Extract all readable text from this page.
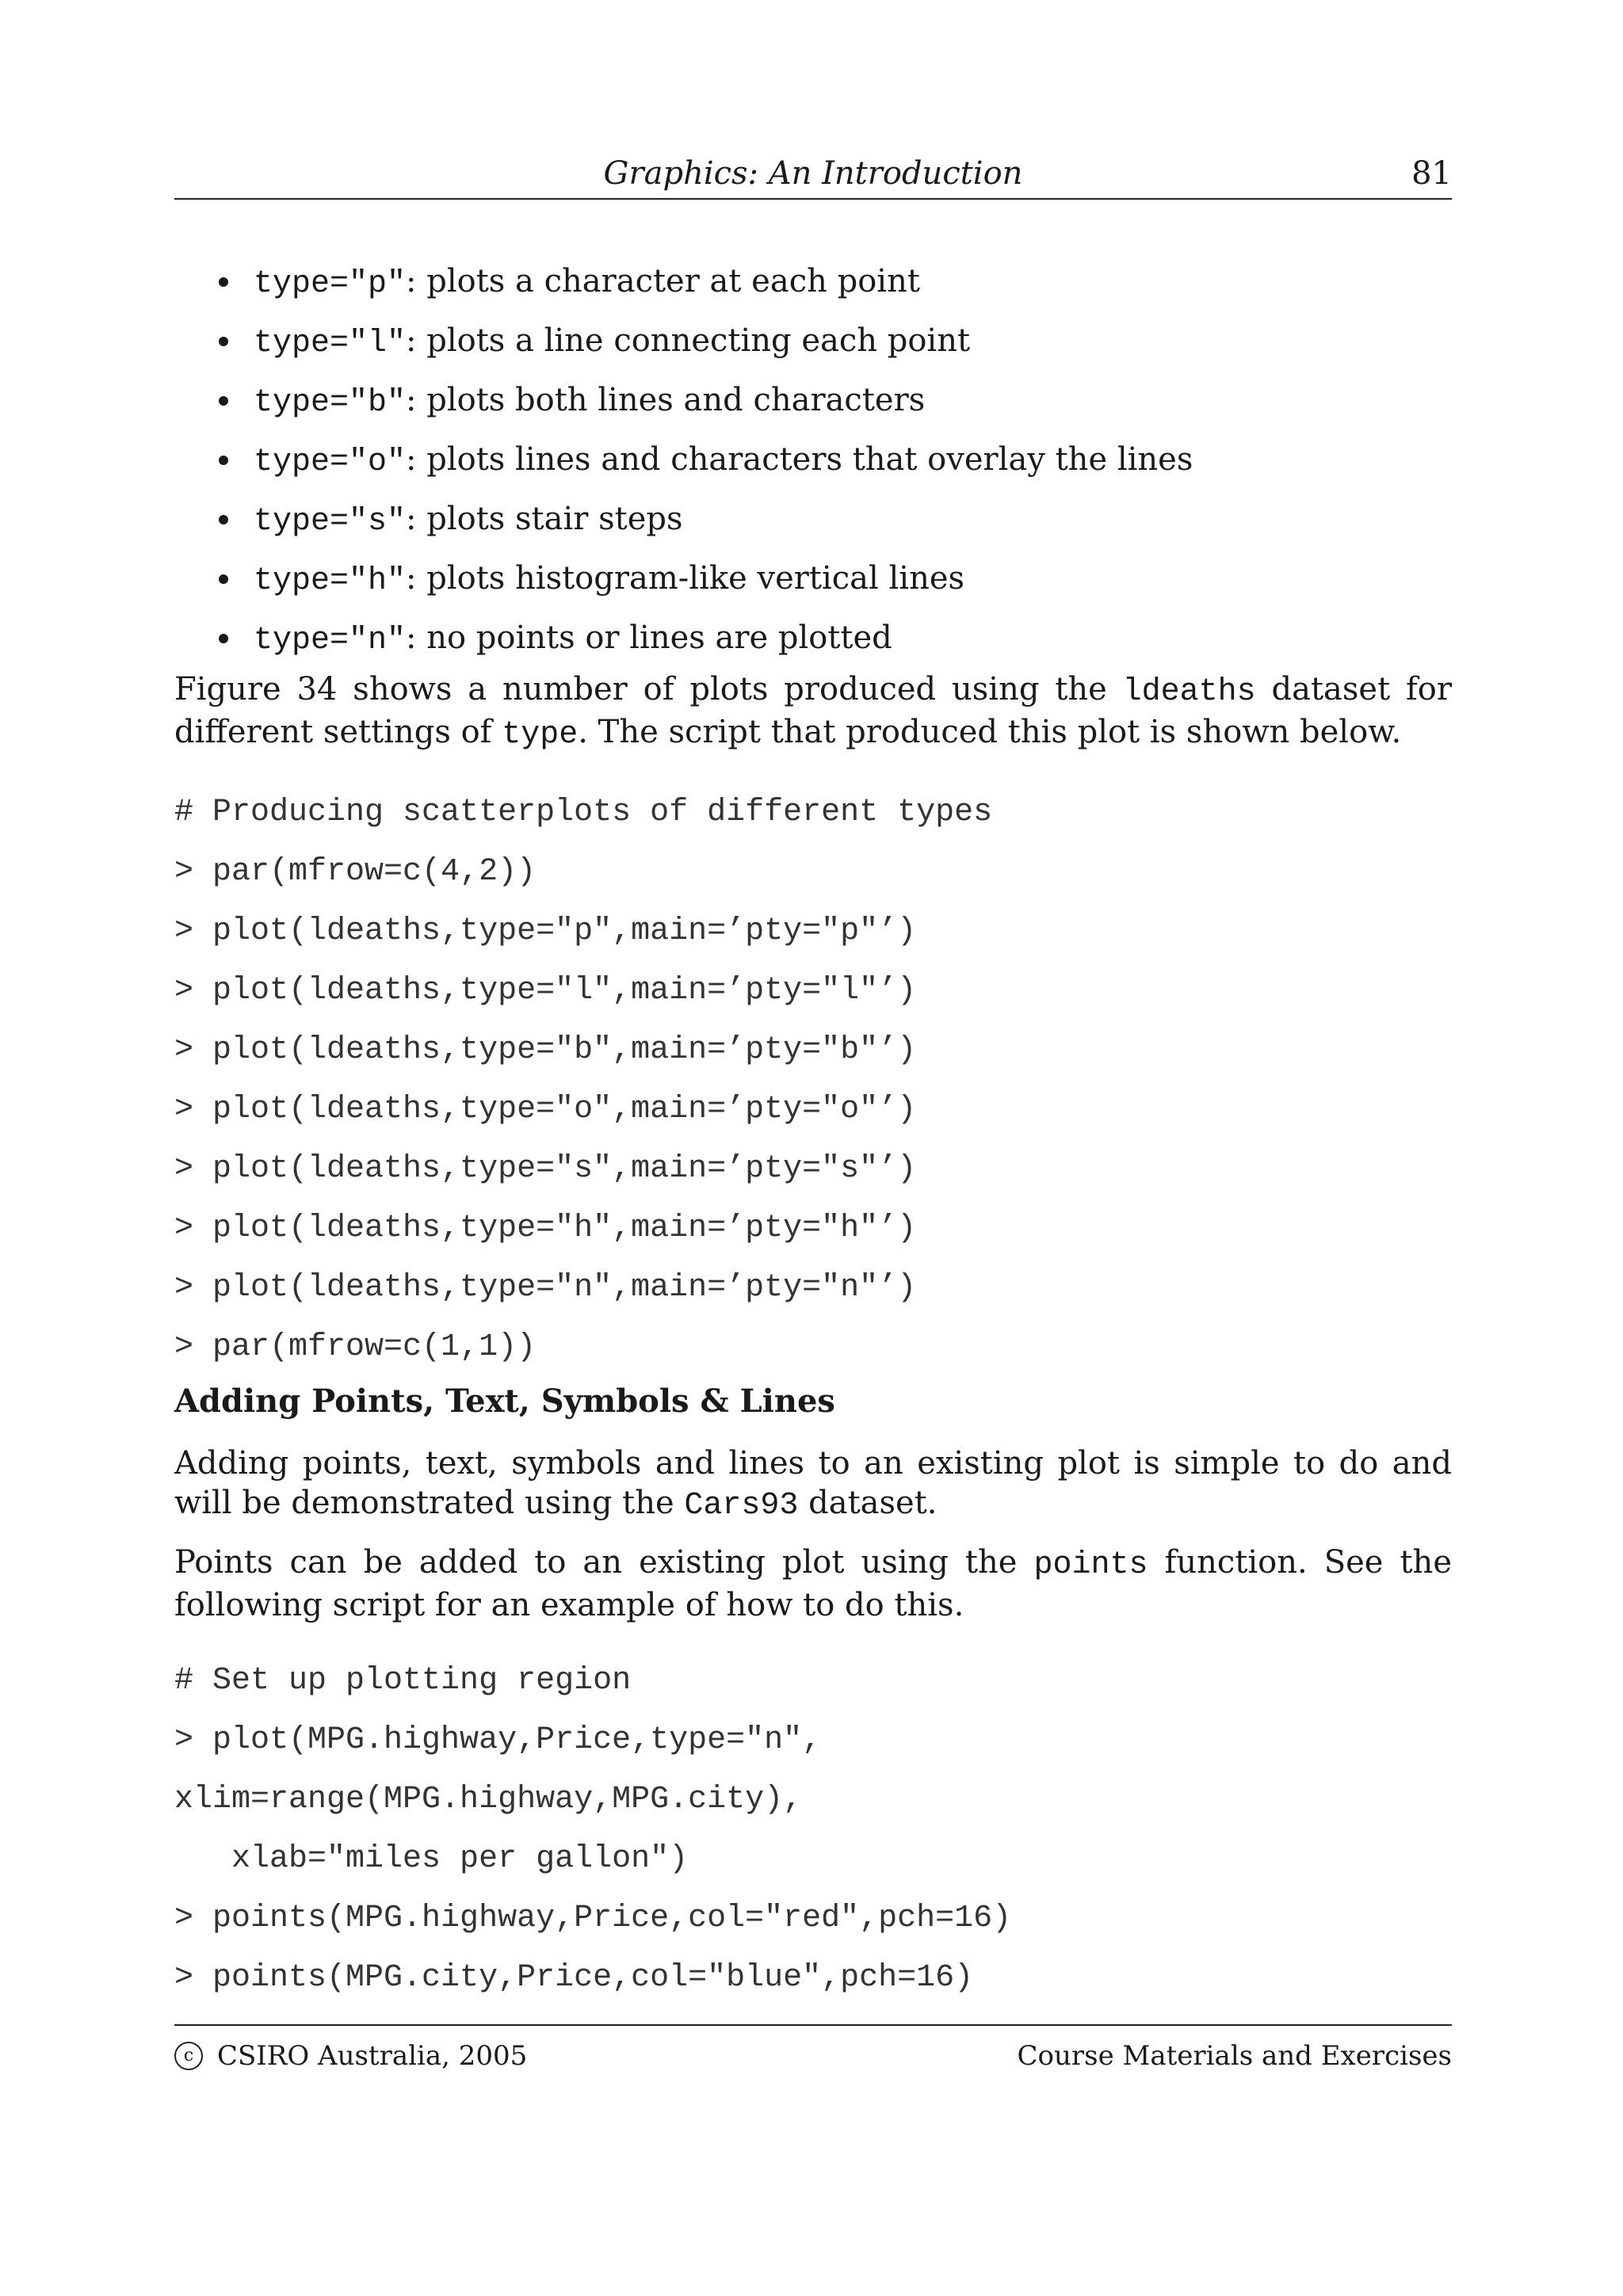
Graphics: An Introduction	81
type="p": plots a character at each point
type="l": plots a line connecting each point
type="b": plots both lines and characters
type="o": plots lines and characters that overlay the lines
type="s": plots stair steps
type="h": plots histogram-like vertical lines
type="n": no points or lines are plotted

Figure 34 shows a number of plots produced using the ldeaths dataset for different settings of type. The script that produced this plot is shown below.

# Producing scatterplots of different types
> par(mfrow=c(4,2))
> plot(ldeaths,type="p",main=’pty="p"’)
> plot(ldeaths,type="l",main=’pty="l"’)
> plot(ldeaths,type="b",main=’pty="b"’)
> plot(ldeaths,type="o",main=’pty="o"’)
> plot(ldeaths,type="s",main=’pty="s"’)
> plot(ldeaths,type="h",main=’pty="h"’)
> plot(ldeaths,type="n",main=’pty="n"’)
> par(mfrow=c(1,1))
Adding Points, Text, Symbols & Lines

Adding points, text, symbols and lines to an existing plot is simple to do and will be demonstrated using the Cars93 dataset.

Points can be added to an existing plot using the points function. See the following script for an example of how to do this.

# Set up plotting region
> plot(MPG.highway,Price,type="n",
xlim=range(MPG.highway,MPG.city),
xlab="miles per gallon")
> points(MPG.highway,Price,col="red",pch=16)
> points(MPG.city,Price,col="blue",pch=16)
c CSIRO Australia, 2005	Course Materials and Exercises
